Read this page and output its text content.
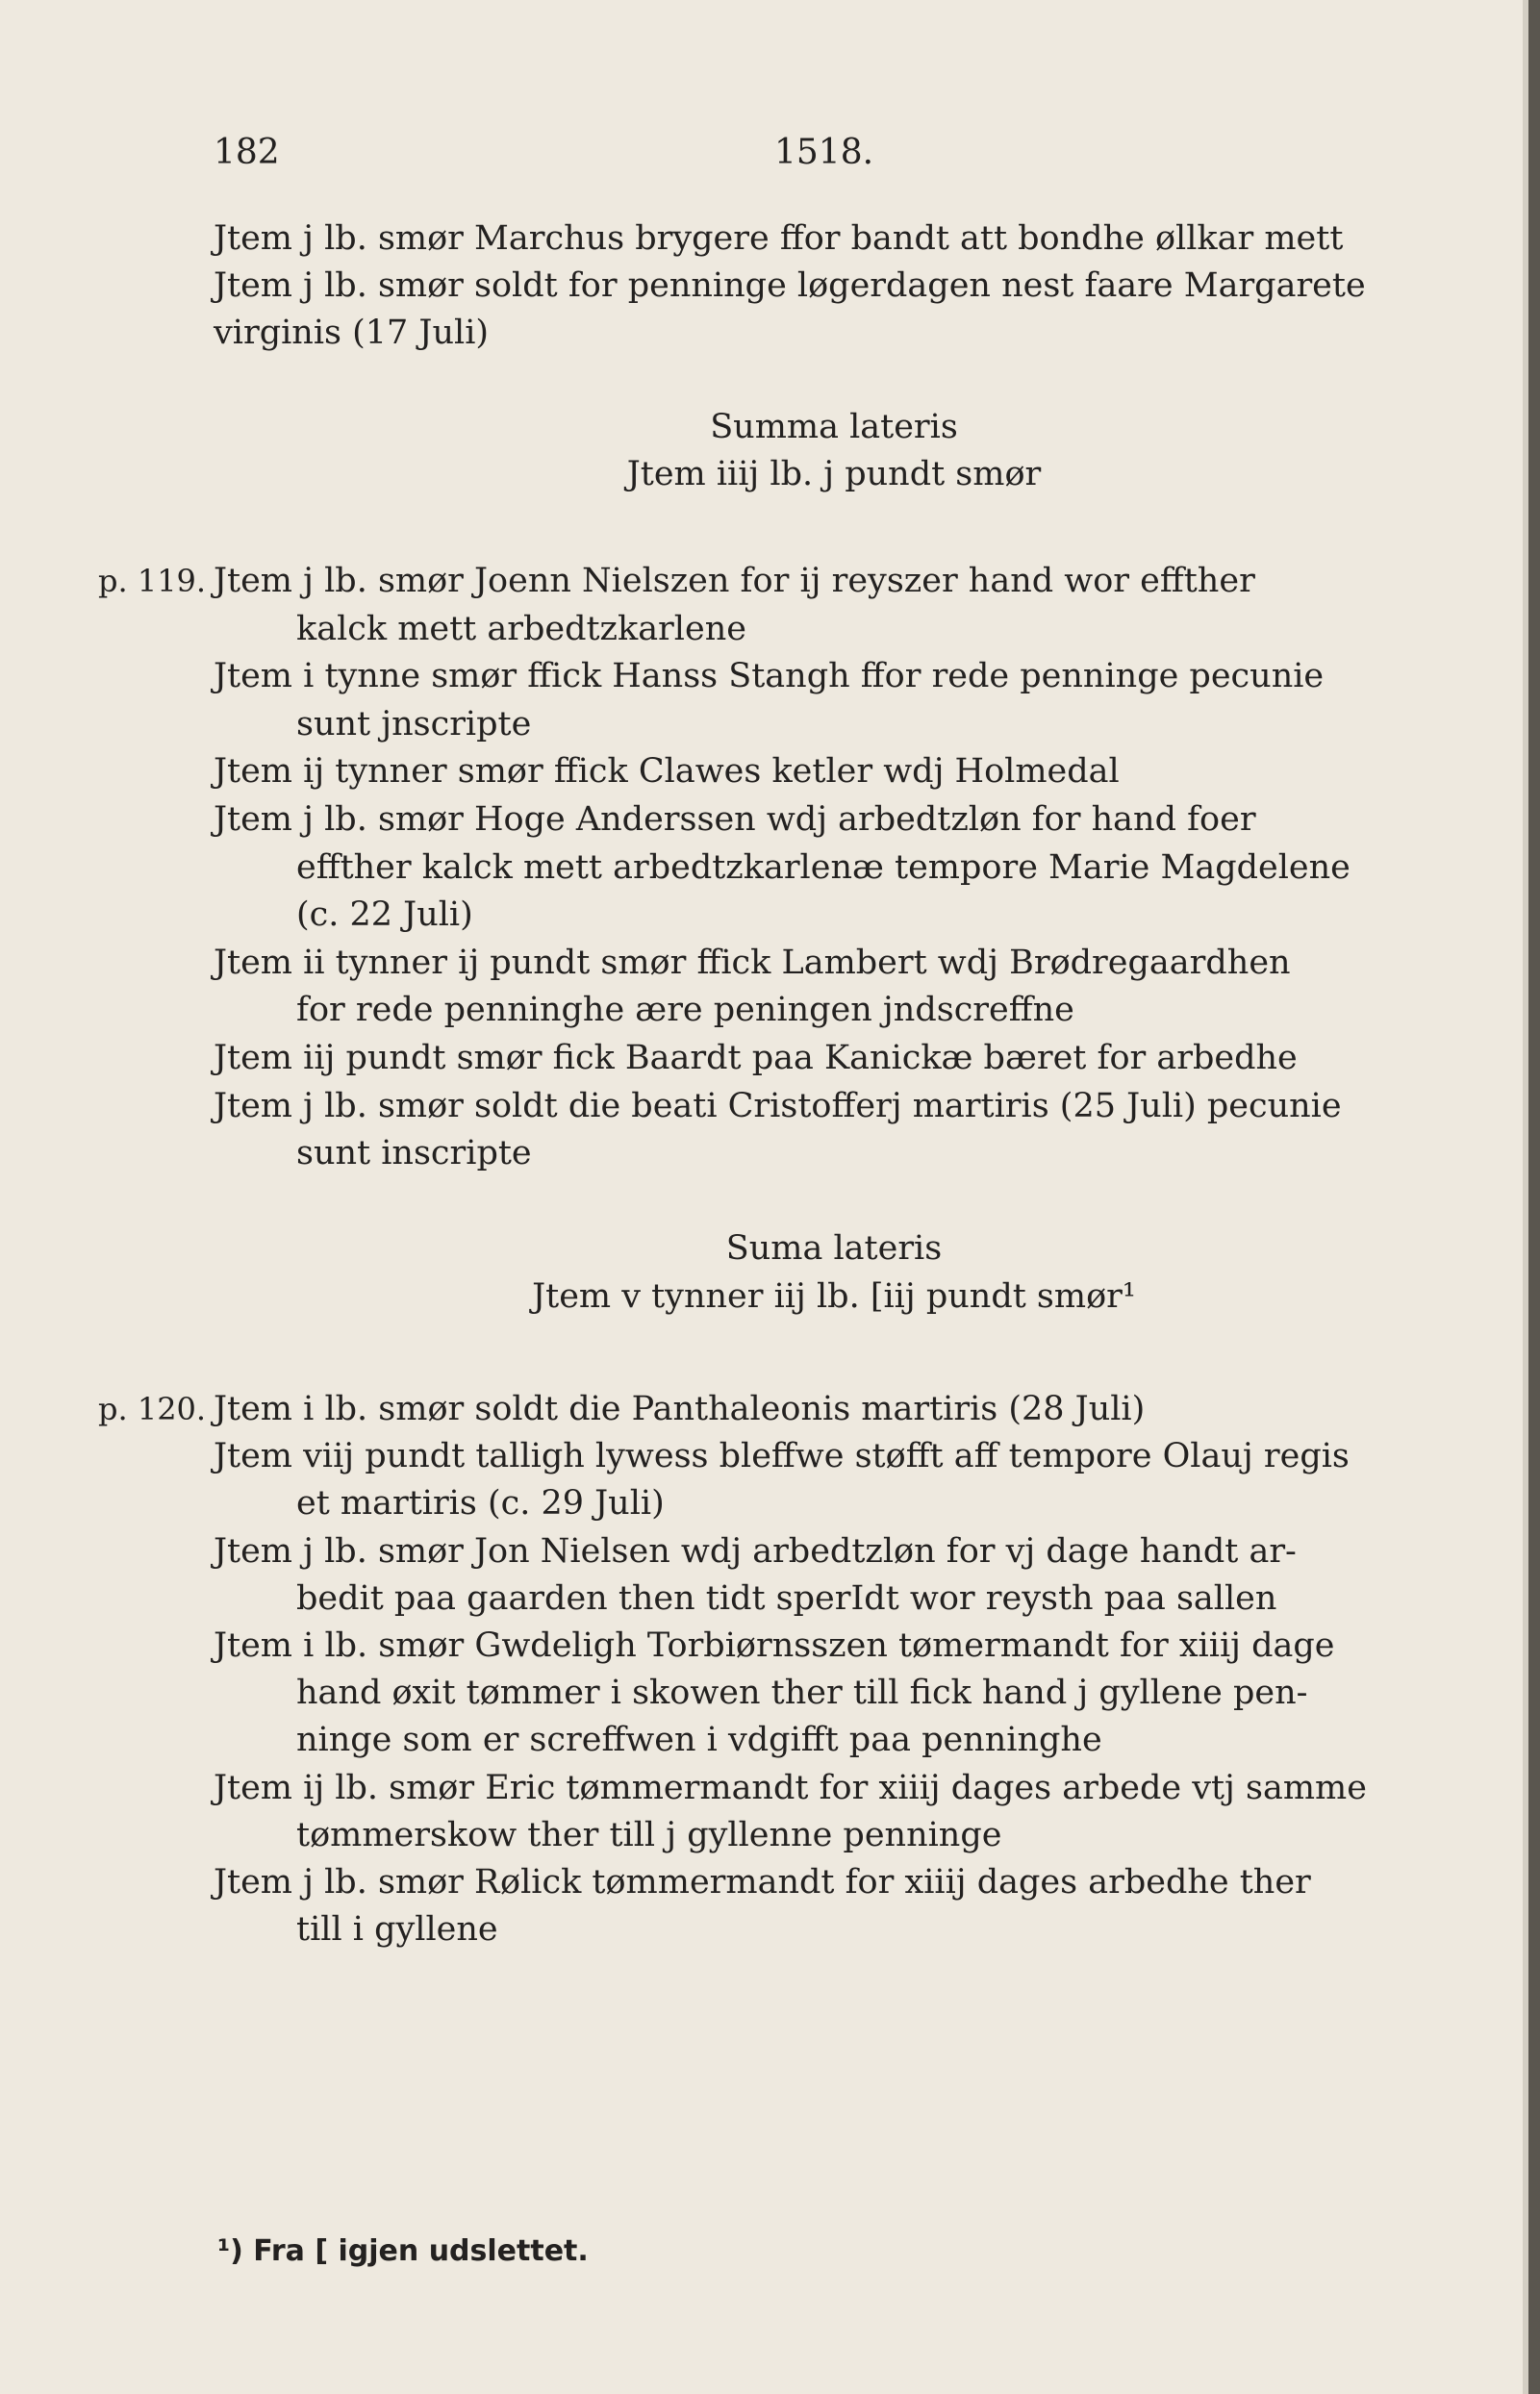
182	1518.
Jtem j lb. smør Marchus brygere ffor bandt att bondhe øllkar mett
Jtem j lb. smør soldt for penninge løgerdagen nest faare Margarete
virginis (17 Juli)
Summa lateris
Jtem iiij lb. j pundt smør
p. 119. Jtem j lb. smør Joenn Nielszen for ij reyszer hand wor effther
kalck mett arbedtzkarlene
Jtem i tynne smør ffick Hanss Stangh ffor rede penninge pecunie
sunt jnscripte
Jtem ij tynner smør ffick Clawes ketler wdj Holmedal
Jtem j lb. smør Hoge Anderssen wdj arbedtzløn for hand foer
effther kalck mett arbedtzkarlenæ tempore Marie Magdelene
(c. 22 Juli)
Jtem ii tynner ij pundt smør ffick Lambert wdj Brødregaardhen
for rede penninghe ære peningen jndscreffne
Jtem iij pundt smør fick Baardt paa Kanickæ bæret for arbedhe
Jtem j lb. smør soldt die beati Cristofferj martiris (25 Juli) pecunie
sunt inscripte
Suma lateris
Jtem v tynner iij lb. [iij pundt smør¹
p. 120. Jtem i lb. smør soldt die Panthaleonis martiris (28 Juli)
Jtem viij pundt talligh lywess bleffwe støfft aff tempore Olauj regis
et martiris (c. 29 Juli)
Jtem j lb. smør Jon Nielsen wdj arbedtzløn for vj dage handt ar-
bedit paa gaarden then tidt sperIdt wor reysth paa sallen
Jtem i lb. smør Gwdeligh Torbiørnsszen tømermandt for xiiij dage
hand øxit tømmer i skowen ther till fick hand j gyllene pen-
ninge som er screffwen i vdgifft paa penninghe
Jtem ij lb. smør Eric tømmermandt for xiiij dages arbede vtj samme
tømmerskow ther till j gyllenne penninge
Jtem j lb. smør Rølick tømmermandt for xiiij dages arbedhe ther
till i gyllene
¹) Fra [ igjen udslettet.
